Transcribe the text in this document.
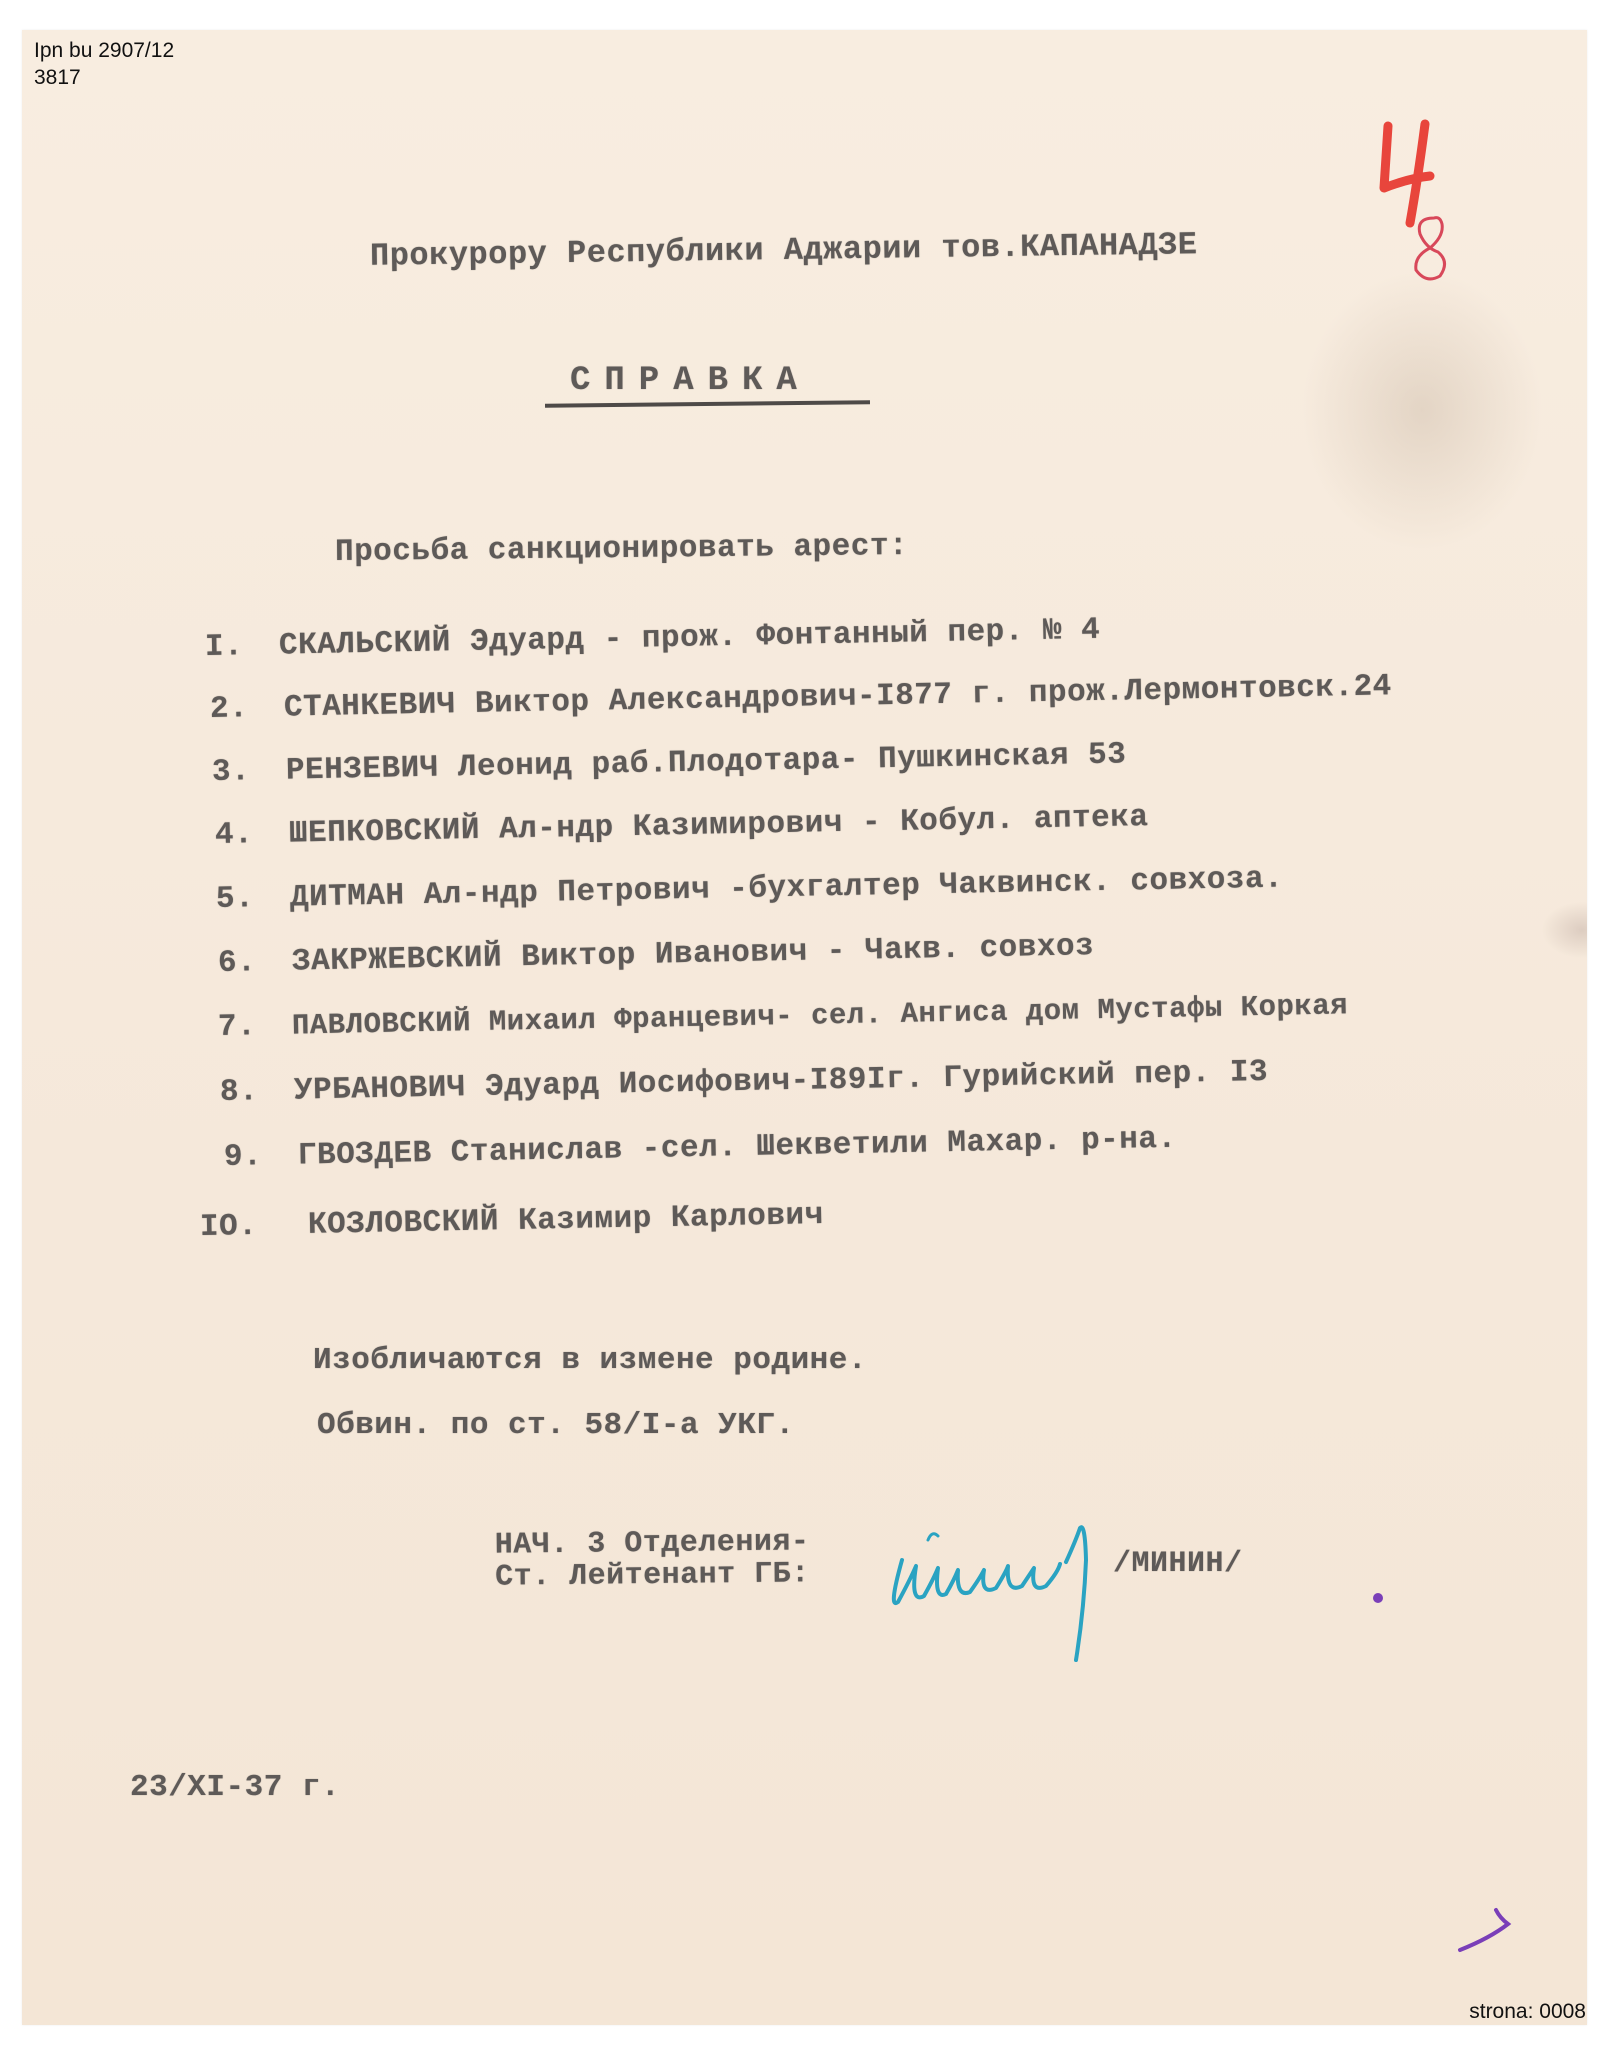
Ipn bu 2907/12
3817
Прокурору Республики Аджарии тов.КАПАНАДЗЕ
СПРАВКА
Просьба санкционировать арест:
I. СКАЛЬСКИЙ Эдуард - прож. Фонтанный пер. № 4
2. СТАНКЕВИЧ Виктор Александрович-I877 г. прож.Лермонтовск.24
3. РЕНЗЕВИЧ Леонид раб.Плодотара- Пушкинская 53
4. ШЕПКОВСКИЙ Ал-ндр Казимирович - Кобул. аптека
5. ДИТМАН Ал-ндр Петрович -бухгалтер Чаквинск. совхоза.
6. ЗАКРЖЕВСКИЙ Виктор Иванович - Чакв. совхоз
7. ПАВЛОВСКИЙ Михаил Францевич- сел. Ангиса дом Мустафы Коркая
8. УРБАНОВИЧ Эдуард Иосифович-I89Iг. Гурийский пер. I3
9. ГВОЗДЕВ Станислав -сел. Шекветили Махар. р-на.
IO. КОЗЛОВСКИЙ Казимир Карлович
Изобличаются в измене родине.
Обвин. по ст. 58/I-а УКГ.
НАЧ. 3 Отделения-
Ст. Лейтенант ГБ:	/МИНИН/
23/XI-37 г.
strona: 0008
